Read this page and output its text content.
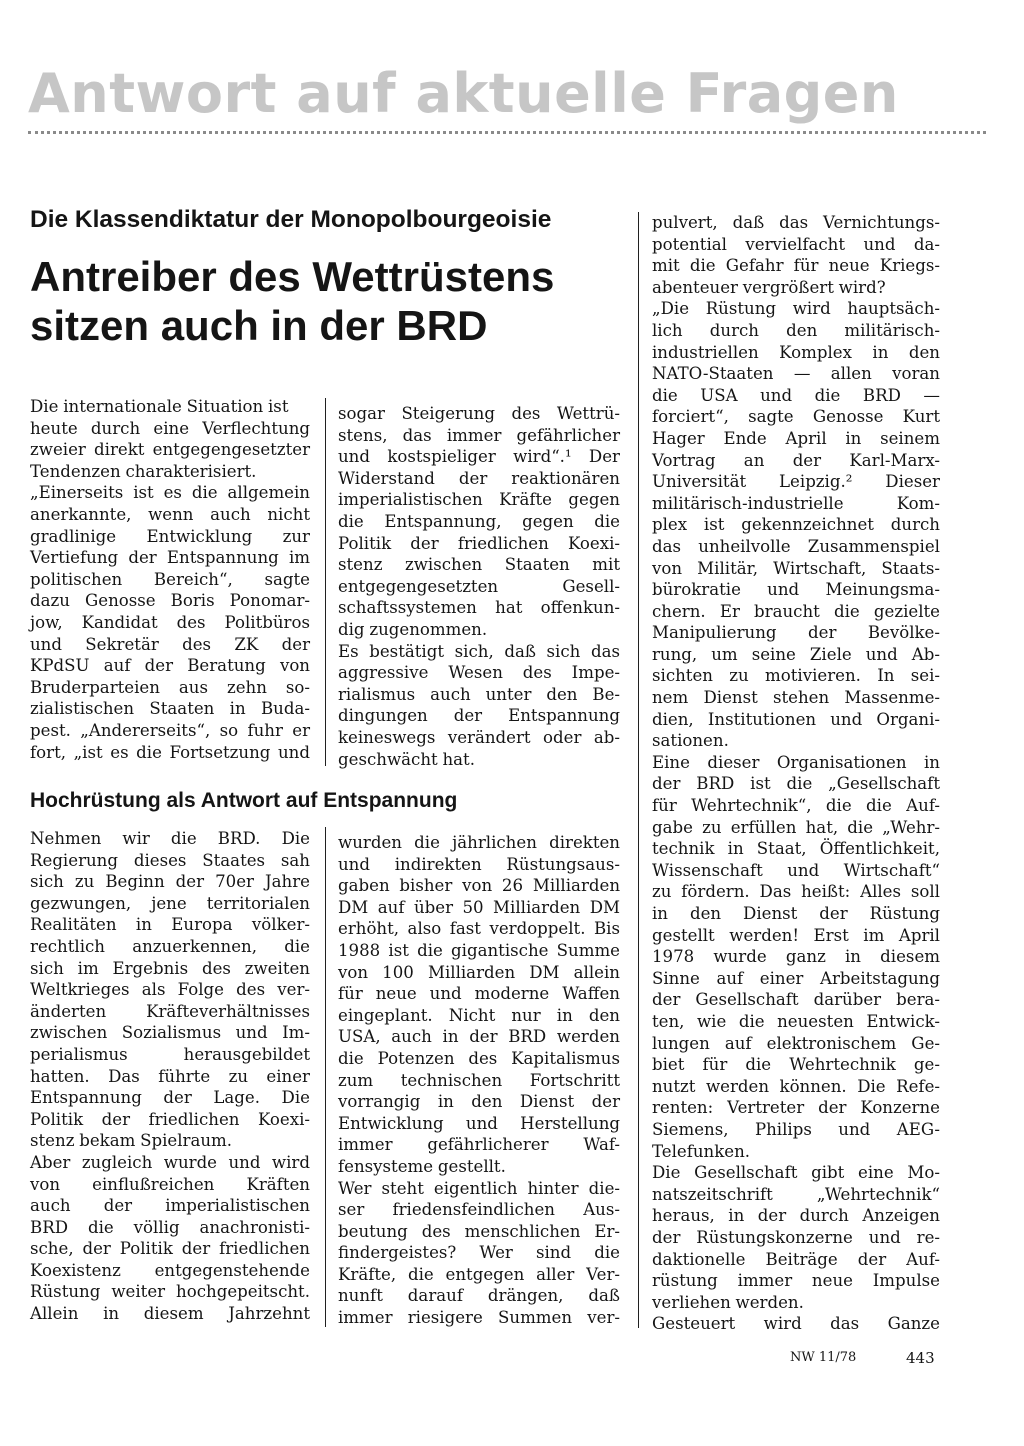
Antwort auf aktuelle Fragen
Die Klassendiktatur der Monopolbourgeoisie
Antreiber des Wettrüstens
sitzen auch in der BRD
Die internationale Situation ist
heute durch eine Verflechtung
zweier direkt entgegengesetzter
Tendenzen charakterisiert.
„Einerseits ist es die allgemein
anerkannte, wenn auch nicht
gradlinige Entwicklung zur
Vertiefung der Entspannung im
politischen Bereich“, sagte
dazu Genosse Boris Ponomar-
jow, Kandidat des Politbüros
und Sekretär des ZK der
KPdSU auf der Beratung von
Bruderparteien aus zehn so-
zialistischen Staaten in Buda-
pest. „Andererseits“, so fuhr er
fort, „ist es die Fortsetzung und
sogar Steigerung des Wettrü-
stens, das immer gefährlicher
und kostspieliger wird“.¹ Der
Widerstand der reaktionären
imperialistischen Kräfte gegen
die Entspannung, gegen die
Politik der friedlichen Koexi-
stenz zwischen Staaten mit
entgegengesetzten Gesell-
schaftssystemen hat offenkun-
dig zugenommen.
Es bestätigt sich, daß sich das
aggressive Wesen des Impe-
rialismus auch unter den Be-
dingungen der Entspannung
keineswegs verändert oder ab-
geschwächt hat.
Hochrüstung als Antwort auf Entspannung
Nehmen wir die BRD. Die
Regierung dieses Staates sah
sich zu Beginn der 70er Jahre
gezwungen, jene territorialen
Realitäten in Europa völker-
rechtlich anzuerkennen, die
sich im Ergebnis des zweiten
Weltkrieges als Folge des ver-
änderten Kräfteverhältnisses
zwischen Sozialismus und Im-
perialismus herausgebildet
hatten. Das führte zu einer
Entspannung der Lage. Die
Politik der friedlichen Koexi-
stenz bekam Spielraum.
Aber zugleich wurde und wird
von einflußreichen Kräften
auch der imperialistischen
BRD die völlig anachronisti-
sche, der Politik der friedlichen
Koexistenz entgegenstehende
Rüstung weiter hochgepeitscht.
Allein in diesem Jahrzehnt
wurden die jährlichen direkten
und indirekten Rüstungsaus-
gaben bisher von 26 Milliarden
DM auf über 50 Milliarden DM
erhöht, also fast verdoppelt. Bis
1988 ist die gigantische Summe
von 100 Milliarden DM allein
für neue und moderne Waffen
eingeplant. Nicht nur in den
USA, auch in der BRD werden
die Potenzen des Kapitalismus
zum technischen Fortschritt
vorrangig in den Dienst der
Entwicklung und Herstellung
immer gefährlicherer Waf-
fensysteme gestellt.
Wer steht eigentlich hinter die-
ser friedensfeindlichen Aus-
beutung des menschlichen Er-
findergeistes? Wer sind die
Kräfte, die entgegen aller Ver-
nunft darauf drängen, daß
immer riesigere Summen ver-
pulvert, daß das Vernichtungs-
potential vervielfacht und da-
mit die Gefahr für neue Kriegs-
abenteuer vergrößert wird?
„Die Rüstung wird hauptsäch-
lich durch den militärisch-
industriellen Komplex in den
NATO-Staaten — allen voran
die USA und die BRD —
forciert“, sagte Genosse Kurt
Hager Ende April in seinem
Vortrag an der Karl-Marx-
Universität Leipzig.² Dieser
militärisch-industrielle Kom-
plex ist gekennzeichnet durch
das unheilvolle Zusammenspiel
von Militär, Wirtschaft, Staats-
bürokratie und Meinungsma-
chern. Er braucht die gezielte
Manipulierung der Bevölke-
rung, um seine Ziele und Ab-
sichten zu motivieren. In sei-
nem Dienst stehen Massenme-
dien, Institutionen und Organi-
sationen.
Eine dieser Organisationen in
der BRD ist die „Gesellschaft
für Wehrtechnik“, die die Auf-
gabe zu erfüllen hat, die „Wehr-
technik in Staat, Öffentlichkeit,
Wissenschaft und Wirtschaft“
zu fördern. Das heißt: Alles soll
in den Dienst der Rüstung
gestellt werden! Erst im April
1978 wurde ganz in diesem
Sinne auf einer Arbeitstagung
der Gesellschaft darüber bera-
ten, wie die neuesten Entwick-
lungen auf elektronischem Ge-
biet für die Wehrtechnik ge-
nutzt werden können. Die Refe-
renten: Vertreter der Konzerne
Siemens, Philips und AEG-
Telefunken.
Die Gesellschaft gibt eine Mo-
natszeitschrift „Wehrtechnik“
heraus, in der durch Anzeigen
der Rüstungskonzerne und re-
daktionelle Beiträge der Auf-
rüstung immer neue Impulse
verliehen werden.
Gesteuert wird das Ganze
NW 11/78	443
